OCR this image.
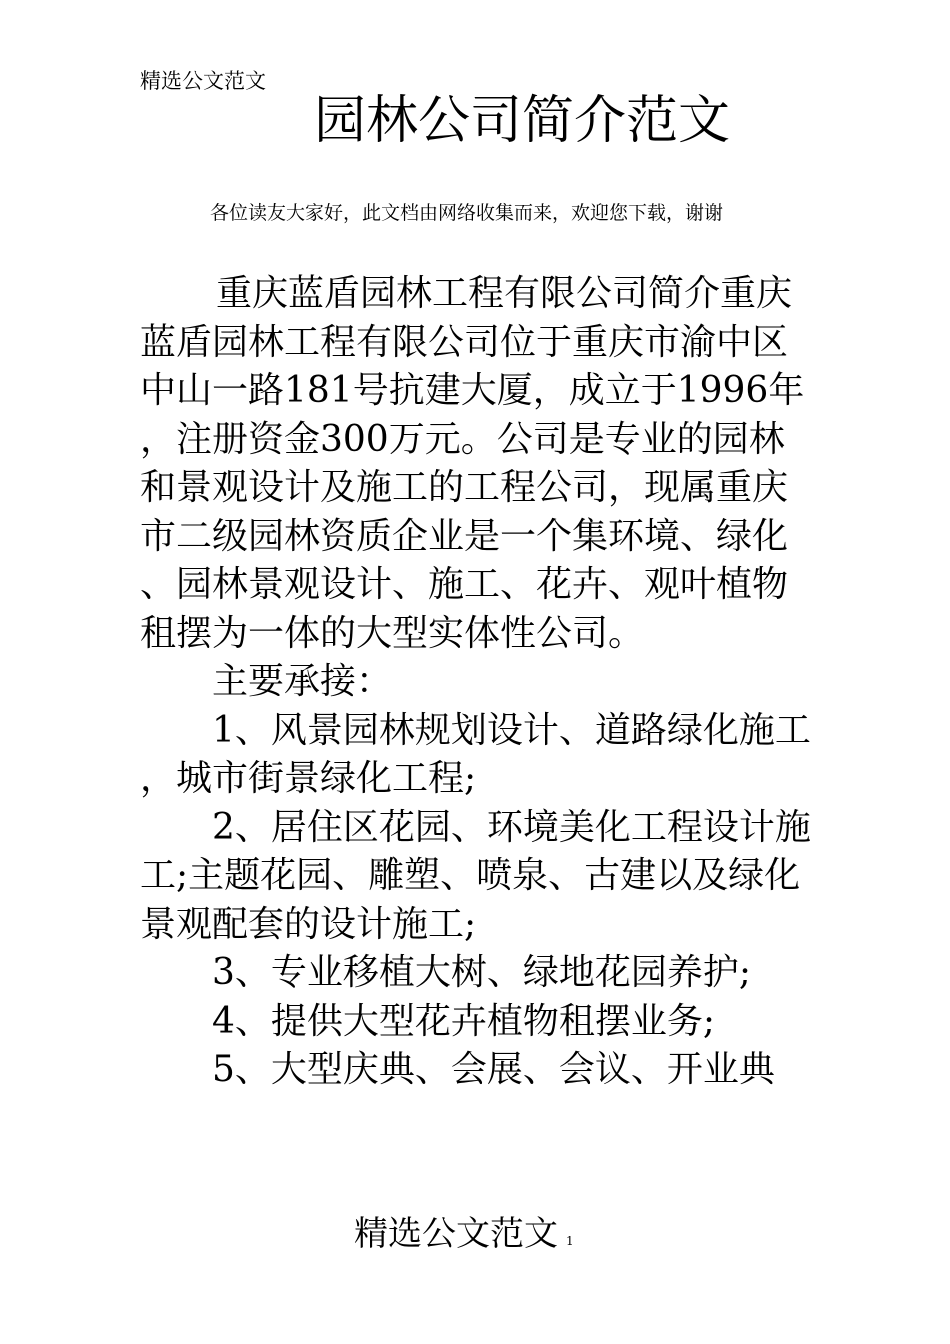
精选公文范文
园林公司简介范文
各位读友大家好，此文档由网络收集而来，欢迎您下载，谢谢

重庆蓝盾园林工程有限公司简介重庆蓝盾园林工程有限公司位于重庆市渝中区中山一路181号抗建大厦，成立于1996年，注册资金300万元。公司是专业的园林和景观设计及施工的工程公司，现属重庆市二级园林资质企业是一个集环境、绿化、园林景观设计、施工、花卉、观叶植物租摆为一体的大型实体性公司。

主要承接：

1、风景园林规划设计、道路绿化施工，城市街景绿化工程;

2、居住区花园、环境美化工程设计施工;主题花园、雕塑、喷泉、古建以及绿化景观配套的设计施工;

3、专业移植大树、绿地花园养护;

4、提供大型花卉植物租摆业务;

5、大型庆典、会展、会议、开业典

精选公文范文 1
